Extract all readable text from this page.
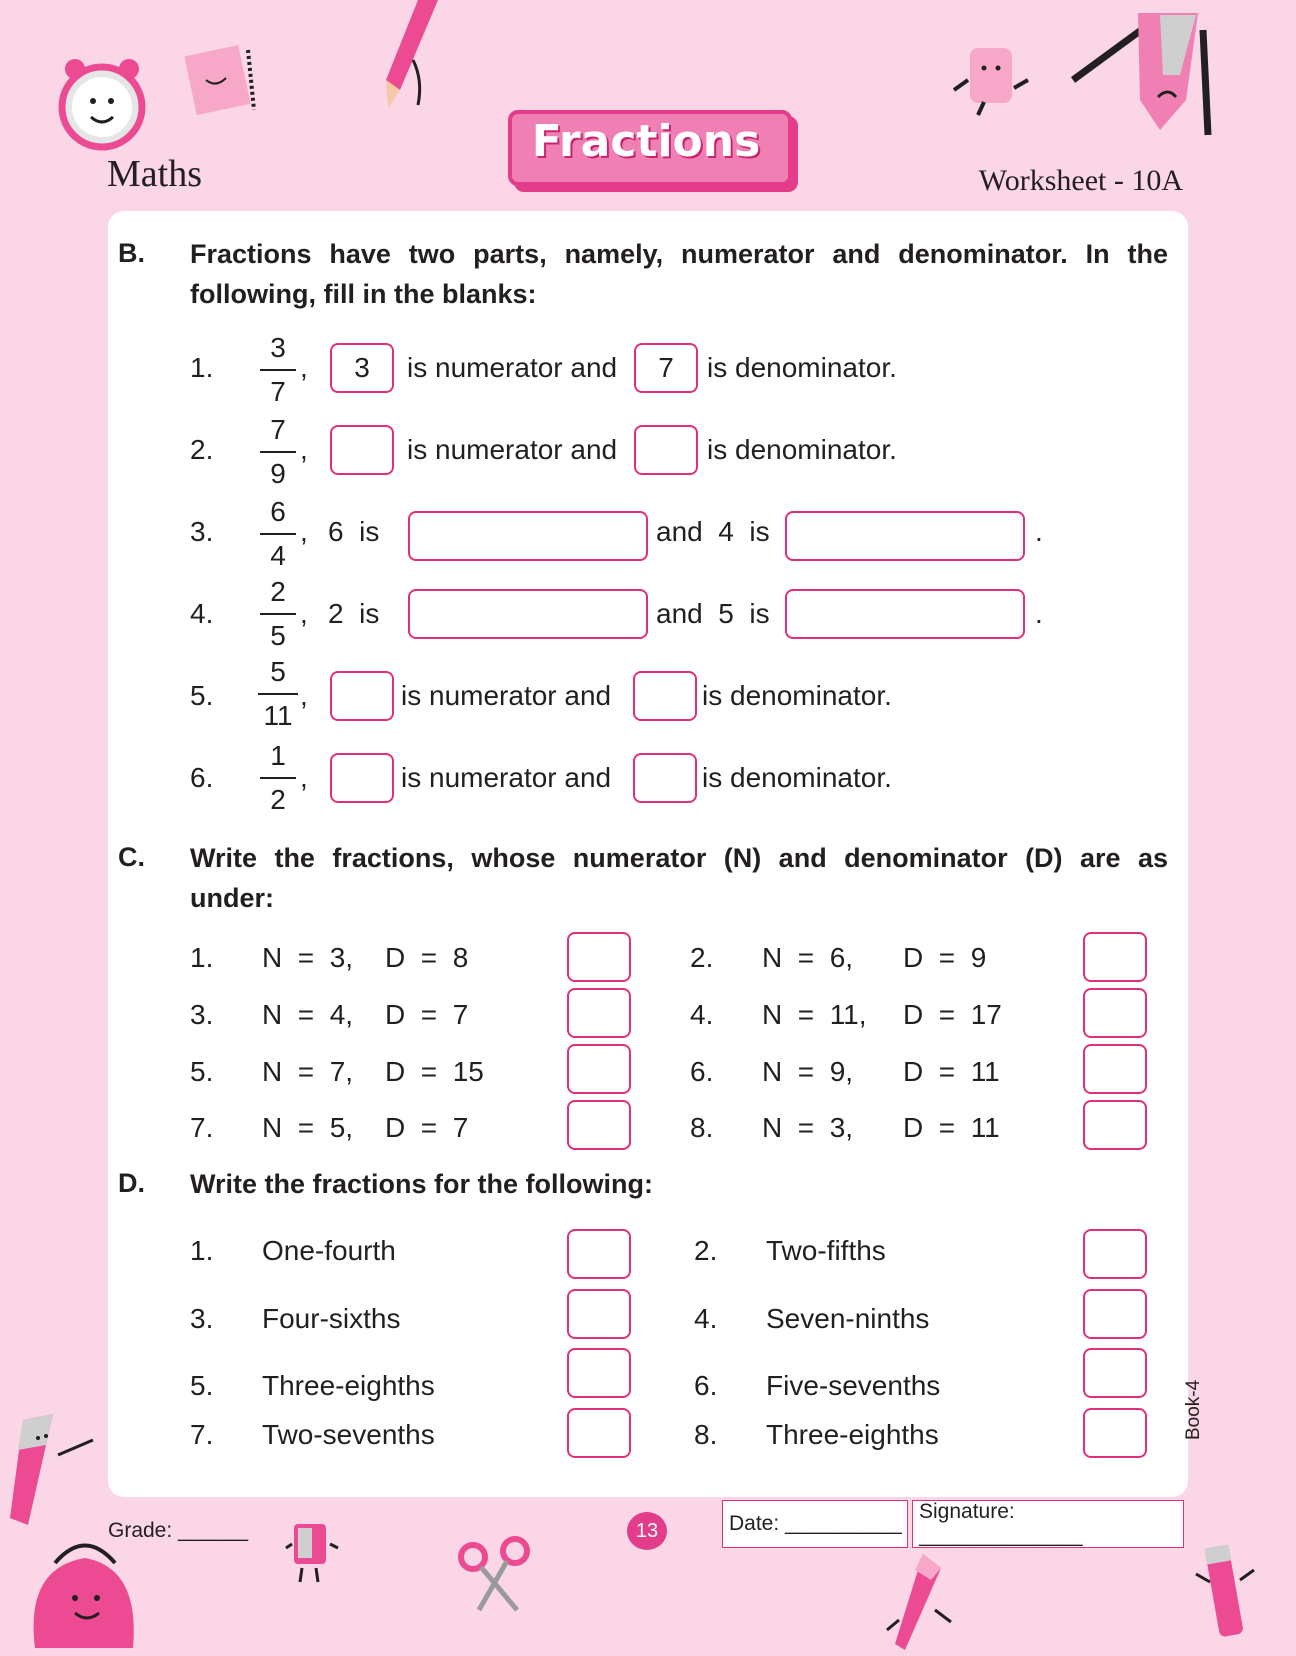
Maths
Fractions
Worksheet - 10A
B. Fractions have two parts, namely, numerator and denominator. In the
following, fill in the blanks:
1.
3
7
,	3	is numerator and	7	is denominator.
2.
7
9
,	is numerator and	is denominator.
3.
6
4
, 6  is	and  4  is	.
4.
2
5
, 2  is	and  5  is	.
5.
5
11
,	is numerator and	is denominator.
6.
1
2
,	is numerator and	is denominator.
C. Write the fractions, whose numerator (N) and denominator (D) are as
under:
1. N  =  3, D  =  8	2. N  =  6, D  =  9
3. N  =  4, D  =  7	4. N  =  11, D  =  17
5. N  =  7, D  =  15	6. N  =  9, D  =  11
7. N  =  5, D  =  7	8. N  =  3, D  =  11
D. Write the fractions for the following:
1. One-fourth	2. Two-fifths
3. Four-sixths	4. Seven-ninths
5. Three-eighths	6. Five-sevenths
7. Two-sevenths	8. Three-eighths	Book-4
Grade: ______	13	Date: __________
Signature: ______________
